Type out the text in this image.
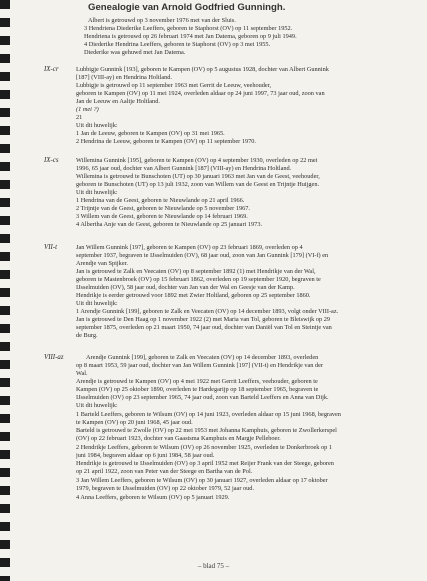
Genealogie van Arnold Godfried Gunningh.
Albert is getrouwd op 3 november 1976 met van der Sluis.
3 Hendriena Diederike Leeffers, geboren te Staphorst (OV) op 11 september 1952.
Hendriena is getrouwd op 26 februari 1974 met Jan Datema, geboren op 9 juli 1949.
4 Diederike Hendrina Leeffers, geboren te Staphorst (OV) op 3 mei 1955.
Diederike was gehuwd met Jan Datema.
IX-cr	Lubbigje Gunnink [193], geboren te Kampen (OV) op 5 augustus 1928, dochter van Albert Gunnink
[187] (VIII-ay) en Hendrina Holtland.
Lubbigje is getrouwd op 11 september 1963 met Gerrit de Leeuw, veehouder,
geboren te Kampen (OV) op 11 mei 1924, overleden aldaar op 24 juni 1997, 73 jaar oud, zoon van
Jan de Leeuw en Aaltje Holtland.
(1 mei ?)
21
Uit dit huwelijk:
1 Jan de Leeuw, geboren te Kampen (OV) op 31 mei 1965.
2 Hendrina de Leeuw, geboren te Kampen (OV) op 11 september 1970.
IX-cs	Willemina Gunnink [195], geboren te Kampen (OV) op 4 september 1930, overleden op 22 mei
1996, 65 jaar oud, dochter van Albert Gunnink [187] (VIII-ay) en Hendrina Holtland.
Willemina is getrouwd te Bunschoten (UT) op 30 januari 1963 met Jan van de Geest, veehouder,
geboren te Bunschoten (UT) op 13 juli 1932, zoon van Willem van de Geest en Trijntje Huijgen.
Uit dit huwelijk:
1 Hendrina van de Geest, geboren te Nieuwlande op 21 april 1966.
2 Trijntje van de Geest, geboren te Nieuwlande op 5 november 1967.
3 Willem van de Geest, geboren te Nieuwlande op 14 februari 1969.
4 Albertha Anje van de Geest, geboren te Nieuwlande op 25 januari 1973.
VII-t	Jan Willem Gunnink [197], geboren te Kampen (OV) op 23 februari 1869, overleden op 4
september 1937, begraven te IJsselmuiden (OV), 68 jaar oud, zoon van Jan Gunnink [179] (VI-f) en
Arendje van Spijker.
Jan is getrouwd te Zalk en Veecaten (OV) op 8 september 1892 (1) met Hendrikje van der Wal,
geboren te Mastenbroek (OV) op 15 februari 1862, overleden op 19 september 1920, begraven te
IJsselmuiden (OV), 58 jaar oud, dochter van Jan van der Wal en Geesje van der Kamp.
Hendrikje is eerder getrouwd voor 1892 met Zwier Holtland, geboren op 25 september 1860.
Uit dit huwelijk:
1 Arendje Gunnink [199], geboren te Zalk en Veecaten (OV) op 14 december 1893, volgt onder VIII-az.
Jan is getrouwd te Den Haag op 1 november 1922 (2) met Maria van Tol, geboren te Bleiswijk op 29
september 1875, overleden op 21 maart 1950, 74 jaar oud, dochter van Daniël van Tol en Steintje van
de Burg.
VIII-az	Arendje Gunnink [199], geboren te Zalk en Veecaten (OV) op 14 december 1893, overleden
op 8 maart 1953, 59 jaar oud, dochter van Jan Willem Gunnink [197] (VII-t) en Hendrikje van der
Wal.
Arendje is getrouwd te Kampen (OV) op 4 mei 1922 met Gerrit Leeffers, veehouder, geboren te
Kampen (OV) op 25 oktober 1890, overleden te Hardegarijp op 18 september 1965, begraven te
IJsselmuiden (OV) op 23 september 1965, 74 jaar oud, zoon van Barteld Leeffers en Anna van Dijk.
Uit dit huwelijk:
1 Barteld Leeffers, geboren te Wilsum (OV) op 14 juni 1923, overleden aldaar op 15 juni 1968, begraven
te Kampen (OV) op 20 juni 1968, 45 jaar oud.
Barteld is getrouwd te Zwolle (OV) op 22 mei 1953 met Johanna Kamphuis, geboren te Zwollerkerspel
(OV) op 22 februari 1923, dochter van Gaastsma Kamphuis en Margje Pelleboer.
2 Hendrikje Leeffers, geboren te Wilsum (OV) op 26 november 1925, overleden te Donkerbroek op 1
juni 1984, begraven aldaar op 6 juni 1984, 58 jaar oud.
Hendrikje is getrouwd te IJsselmuiden (OV) op 3 april 1952 met Reijer Frank van der Steege, geboren
op 21 april 1922, zoon van Peter van der Steege en Bartha van de Pol.
3 Jan Willem Leeffers, geboren te Wilsum (OV) op 30 januari 1927, overleden aldaar op 17 oktober
1979, begraven te IJsselmuiden (OV) op 22 oktober 1979, 52 jaar oud.
4 Anna Leeffers, geboren te Wilsum (OV) op 5 januari 1929.
– blad 75 –
